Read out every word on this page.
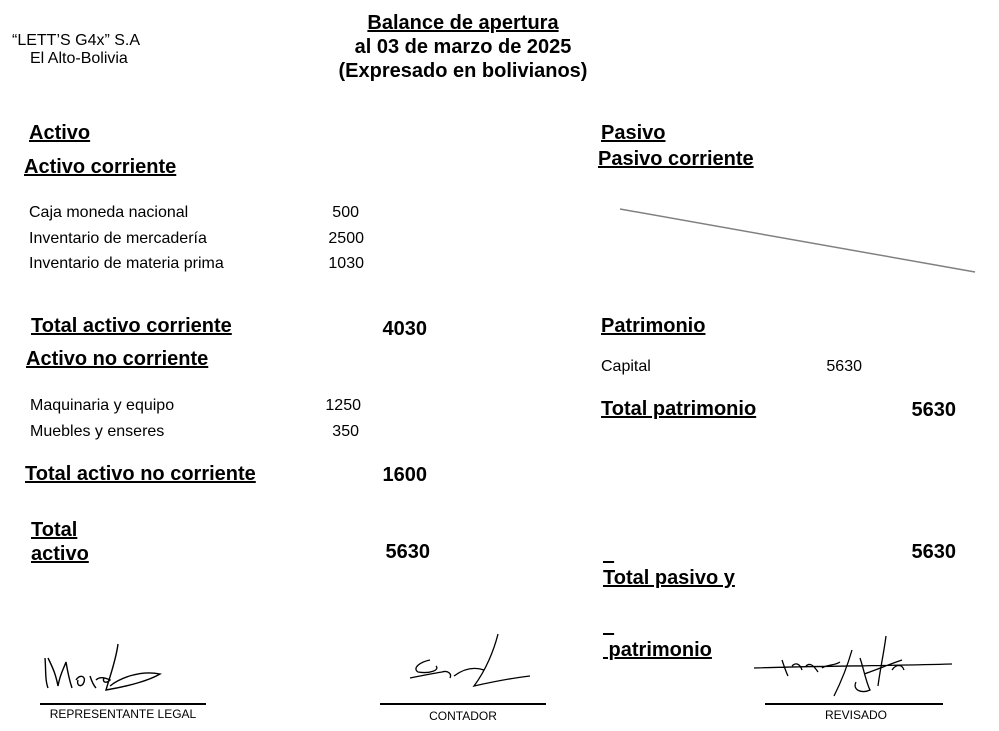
“LETT’S G4x” S.A
El Alto-Bolivia
Balance de apertura
al 03 de marzo de 2025
(Expresado en bolivianos)
Activo
Activo corriente
Caja moneda nacional	500
Inventario de mercadería	2500
Inventario de materia prima	1030
Total activo corriente	4030
Activo no corriente
Maquinaria y equipo	1250
Muebles y enseres	350
Total activo no corriente	1600
Total
activo	5630
Pasivo
Pasivo corriente
Patrimonio
Capital	5630
Total patrimonio	5630

Total pasivo y

patrimonio

5630
REPRESENTANTE LEGAL	CONTADOR	REVISADO
